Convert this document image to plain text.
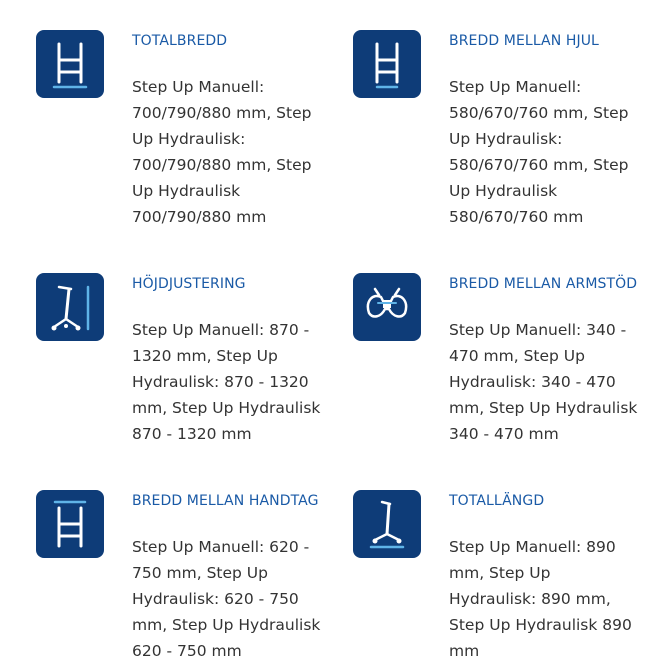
TOTALBREDD
Step Up Manuell: 700/790/880 mm, Step Up Hydraulisk: 700/790/880 mm, Step Up Hydraulisk 700/790/880 mm
BREDD MELLAN HJUL
Step Up Manuell: 580/670/760 mm, Step Up Hydraulisk: 580/670/760 mm, Step Up Hydraulisk 580/670/760 mm
HÖJDJUSTERING
Step Up Manuell: 870 - 1320 mm, Step Up Hydraulisk: 870 - 1320 mm, Step Up Hydraulisk 870 - 1320 mm
BREDD MELLAN ARMSTÖD
Step Up Manuell: 340 - 470 mm, Step Up Hydraulisk: 340 - 470 mm, Step Up Hydraulisk 340 - 470 mm
BREDD MELLAN HANDTAG
Step Up Manuell: 620 - 750 mm, Step Up Hydraulisk: 620 - 750 mm, Step Up Hydraulisk 620 - 750 mm
TOTALLÄNGD
Step Up Manuell: 890 mm, Step Up Hydraulisk: 890 mm, Step Up Hydraulisk 890 mm
